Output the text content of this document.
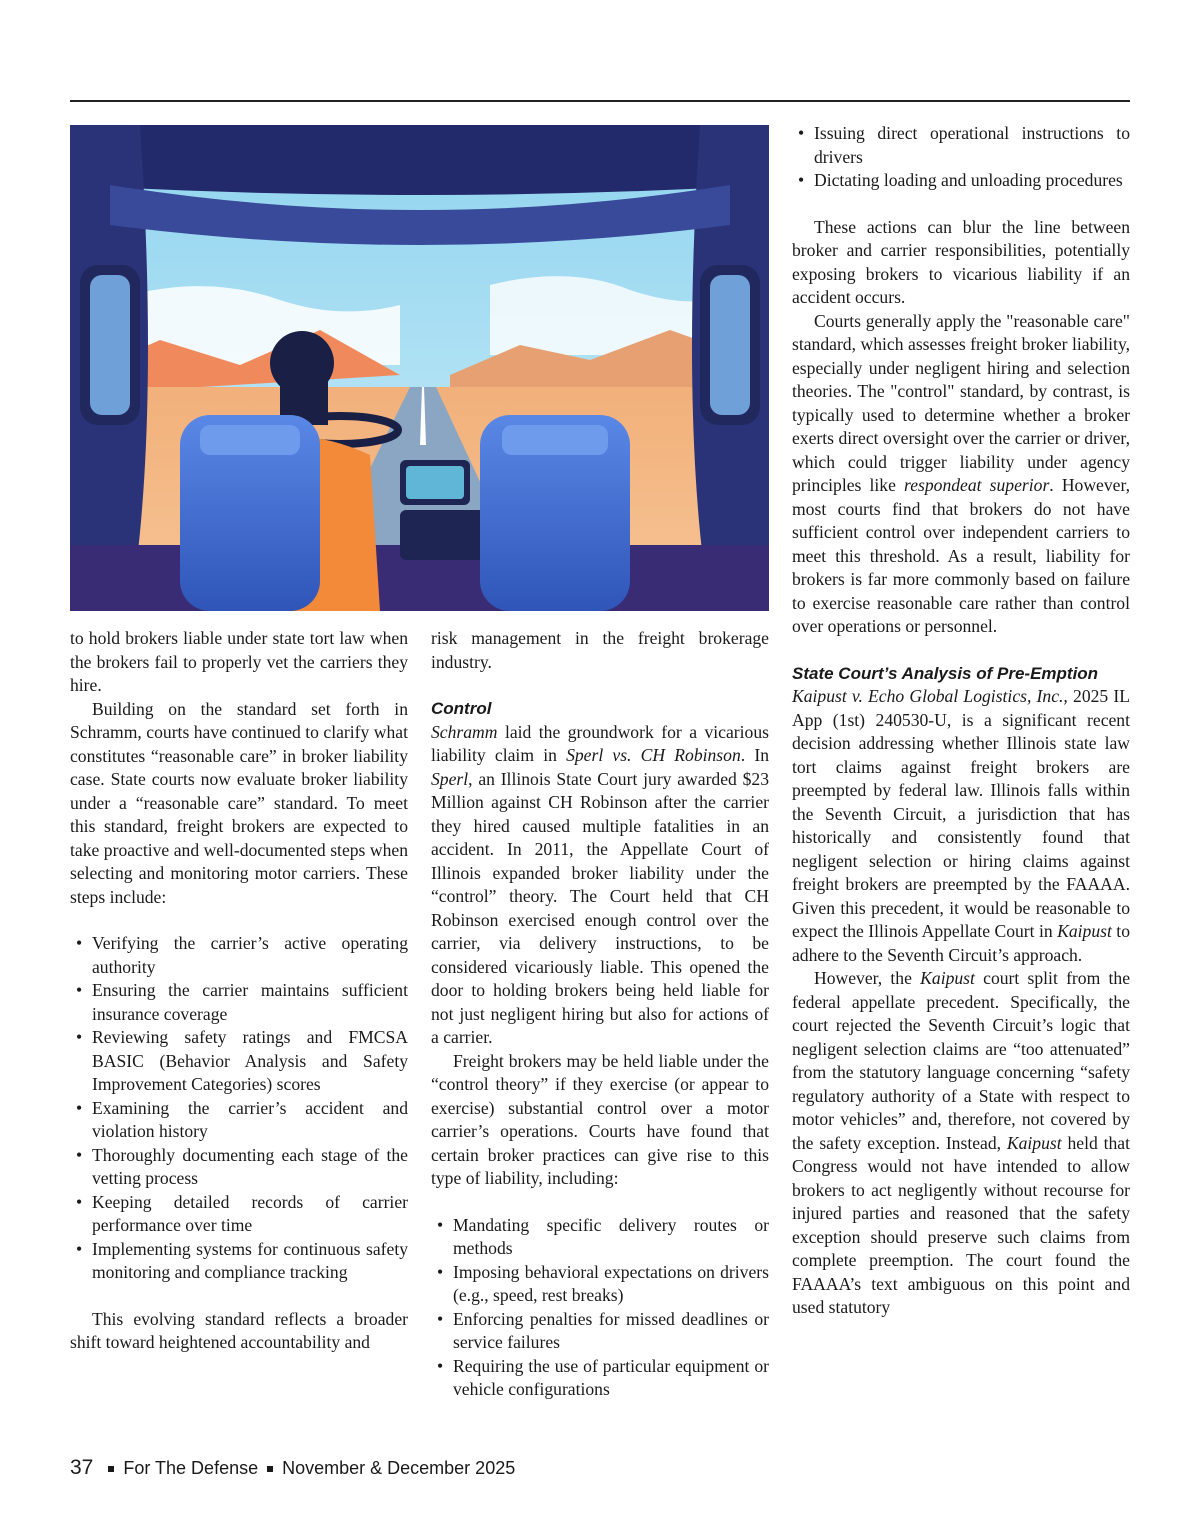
to hold brokers liable under state tort law when the brokers fail to properly vet the carriers they hire.

Building on the standard set forth in Schramm, courts have continued to clarify what constitutes “reasonable care” in broker liability case. State courts now evaluate broker liability under a “reasonable care” standard. To meet this standard, freight brokers are expected to take proactive and well-documented steps when selecting and monitoring motor carriers. These steps include:

• Verifying the carrier’s active operating authority
• Ensuring the carrier maintains sufficient insurance coverage
• Reviewing safety ratings and FMCSA BASIC (Behavior Analysis and Safety Improvement Categories) scores
• Examining the carrier’s accident and violation history
• Thoroughly documenting each stage of the vetting process
• Keeping detailed records of carrier performance over time
• Implementing systems for continuous safety monitoring and compliance tracking

This evolving standard reflects a broader shift toward heightened accountability and

risk management in the freight brokerage industry.

Control

Schramm laid the groundwork for a vicarious liability claim in Sperl vs. CH Robinson. In Sperl, an Illinois State Court jury awarded $23 Million against CH Robinson after the carrier they hired caused multiple fatalities in an accident. In 2011, the Appellate Court of Illinois expanded broker liability under the “control” theory. The Court held that CH Robinson exercised enough control over the carrier, via delivery instructions, to be considered vicariously liable. This opened the door to holding brokers being held liable for not just negligent hiring but also for actions of a carrier.

Freight brokers may be held liable under the “control theory” if they exercise (or appear to exercise) substantial control over a motor carrier’s operations. Courts have found that certain broker practices can give rise to this type of liability, including:

• Mandating specific delivery routes or methods
• Imposing behavioral expectations on drivers (e.g., speed, rest breaks)
• Enforcing penalties for missed deadlines or service failures
• Requiring the use of particular equipment or vehicle configurations
• Issuing direct operational instructions to drivers
• Dictating loading and unloading procedures

These actions can blur the line between broker and carrier responsibilities, potentially exposing brokers to vicarious liability if an accident occurs.

Courts generally apply the "reasonable care" standard, which assesses freight broker liability, especially under negligent hiring and selection theories. The "control" standard, by contrast, is typically used to determine whether a broker exerts direct oversight over the carrier or driver, which could trigger liability under agency principles like respondeat superior. However, most courts find that brokers do not have sufficient control over independent carriers to meet this threshold. As a result, liability for brokers is far more commonly based on failure to exercise reasonable care rather than control over operations or personnel.

State Court’s Analysis of Pre-Emption

Kaipust v. Echo Global Logistics, Inc., 2025 IL App (1st) 240530-U, is a significant recent decision addressing whether Illinois state law tort claims against freight brokers are preempted by federal law. Illinois falls within the Seventh Circuit, a jurisdiction that has historically and consistently found that negligent selection or hiring claims against freight brokers are preempted by the FAAAA. Given this precedent, it would be reasonable to expect the Illinois Appellate Court in Kaipust to adhere to the Seventh Circuit’s approach.

However, the Kaipust court split from the federal appellate precedent. Specifically, the court rejected the Seventh Circuit’s logic that negligent selection claims are “too attenuated” from the statutory language concerning “safety regulatory authority of a State with respect to motor vehicles” and, therefore, not covered by the safety exception. Instead, Kaipust held that Congress would not have intended to allow brokers to act negligently without recourse for injured parties and reasoned that the safety exception should preserve such claims from complete preemption. The court found the FAAAA’s text ambiguous on this point and used statutory

37 For The Defense November & December 2025
